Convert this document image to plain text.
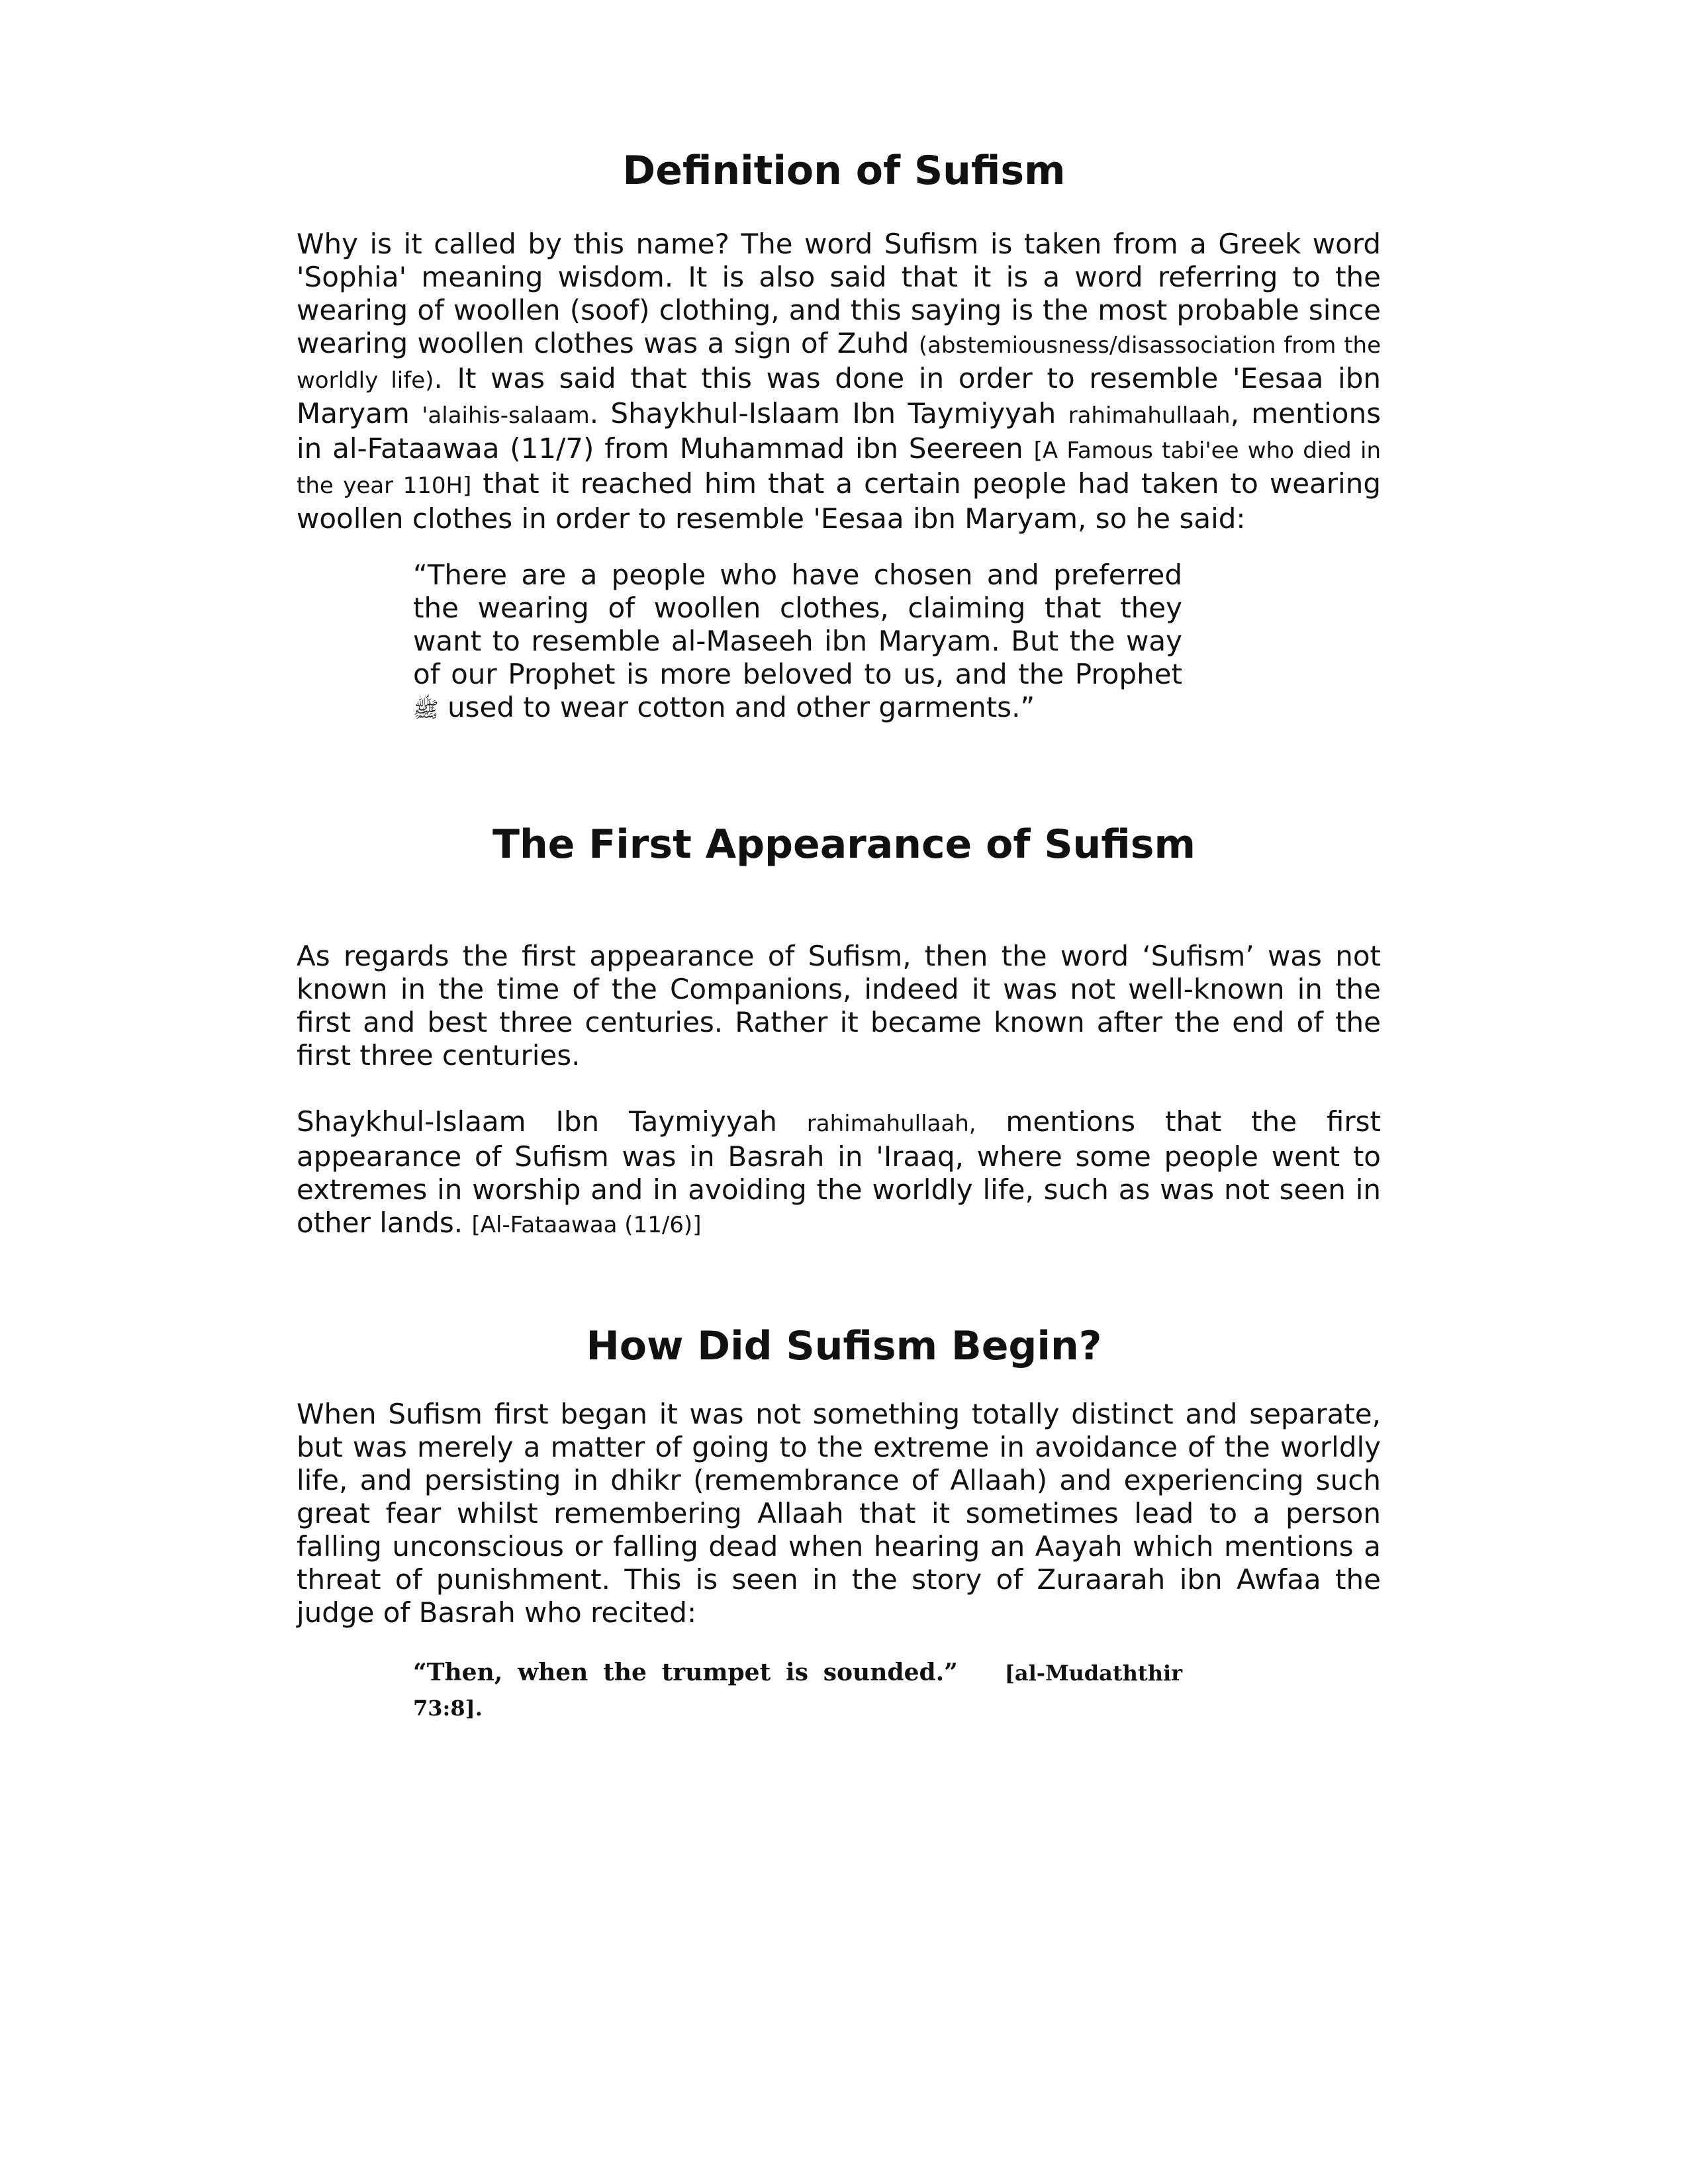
Definition of Sufism

Why is it called by this name? The word Sufism is taken from a Greek word 'Sophia' meaning wisdom. It is also said that it is a word referring to the wearing of woollen (soof) clothing, and this saying is the most probable since wearing woollen clothes was a sign of Zuhd (abstemiousness/disassociation from the worldly life). It was said that this was done in order to resemble 'Eesaa ibn Maryam 'alaihis-salaam. Shaykhul-Islaam Ibn Taymiyyah rahimahullaah, mentions in al-Fataawaa (11/7) from Muhammad ibn Seereen [A Famous tabi'ee who died in the year 110H] that it reached him that a certain people had taken to wearing woollen clothes in order to resemble 'Eesaa ibn Maryam, so he said:

“There are a people who have chosen and preferred the wearing of woollen clothes, claiming that they want to resemble al-Maseeh ibn Maryam. But the way of our Prophet is more beloved to us, and the Prophet ﷺ used to wear cotton and other garments.”

The First Appearance of Sufism

As regards the first appearance of Sufism, then the word ‘Sufism’ was not known in the time of the Companions, indeed it was not well-known in the first and best three centuries. Rather it became known after the end of the first three centuries.

Shaykhul-Islaam Ibn Taymiyyah rahimahullaah, mentions that the first appearance of Sufism was in Basrah in 'Iraaq, where some people went to extremes in worship and in avoiding the worldly life, such as was not seen in other lands. [Al-Fataawaa (11/6)]

How Did Sufism Begin?

When Sufism first began it was not something totally distinct and separate, but was merely a matter of going to the extreme in avoidance of the worldly life, and persisting in dhikr (remembrance of Allaah) and experiencing such great fear whilst remembering Allaah that it sometimes lead to a person falling unconscious or falling dead when hearing an Aayah which mentions a threat of punishment. This is seen in the story of Zuraarah ibn Awfaa the judge of Basrah who recited:

“Then, when the trumpet is sounded.” [al-Mudaththir 73:8].
